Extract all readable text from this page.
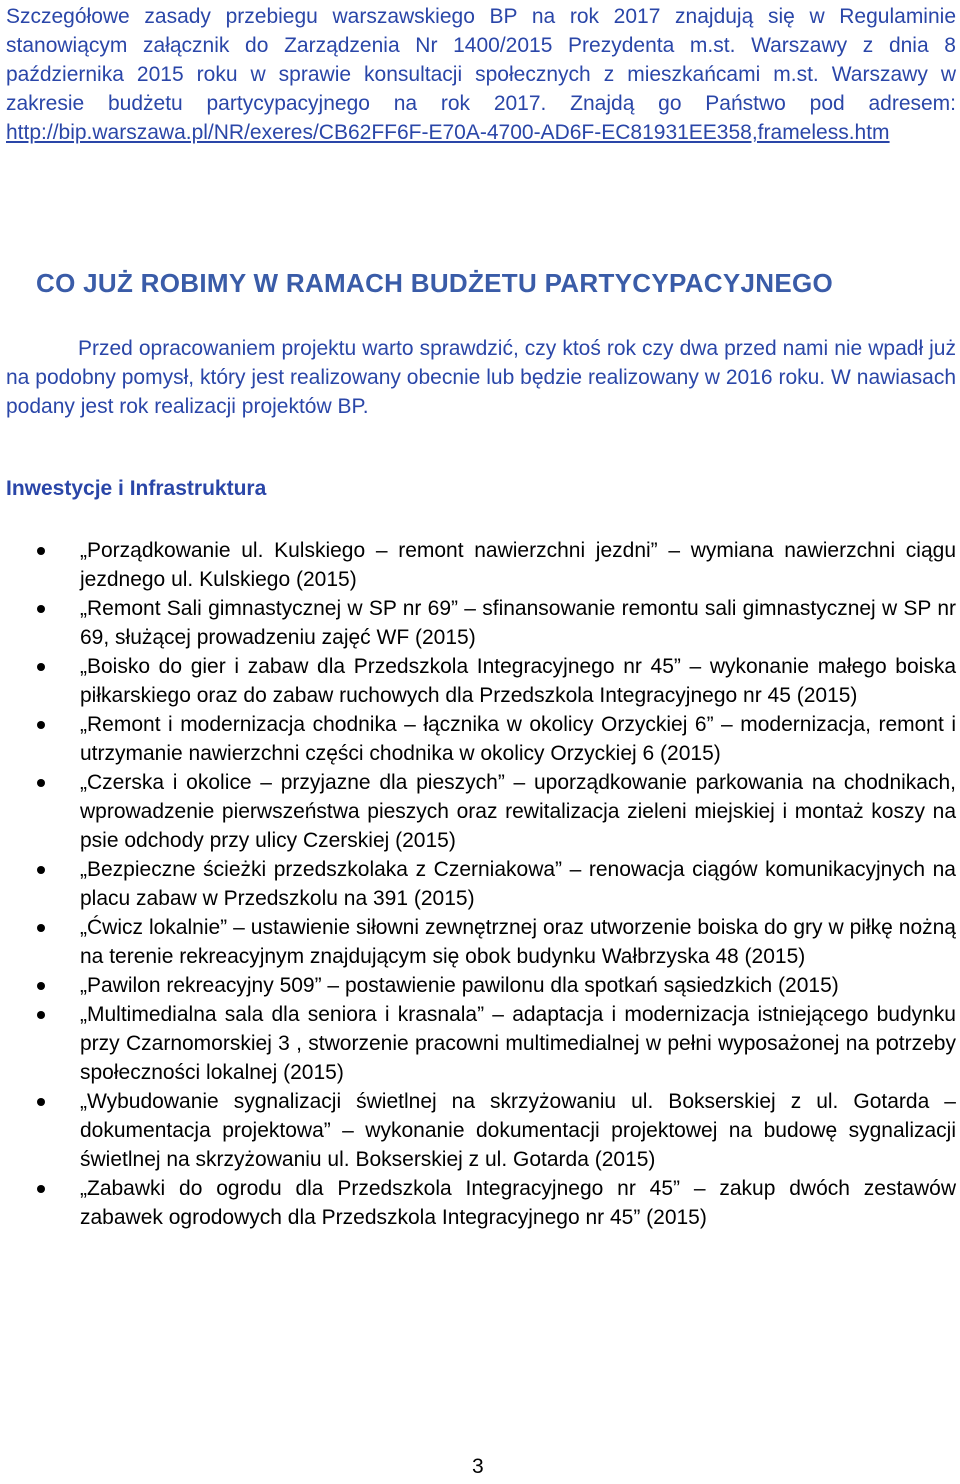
Szczegółowe zasady przebiegu warszawskiego BP na rok 2017 znajdują się w Regulaminie stanowiącym załącznik do Zarządzenia Nr 1400/2015 Prezydenta m.st. Warszawy z dnia 8 października 2015 roku w sprawie konsultacji społecznych z mieszkańcami m.st. Warszawy w zakresie budżetu partycypacyjnego na rok 2017. Znajdą go Państwo pod adresem: http://bip.warszawa.pl/NR/exeres/CB62FF6F-E70A-4700-AD6F-EC81931EE358,frameless.htm

CO JUŻ ROBIMY W RAMACH BUDŻETU PARTYCYPACYJNEGO

Przed opracowaniem projektu warto sprawdzić, czy ktoś rok czy dwa przed nami nie wpadł już na podobny pomysł, który jest realizowany obecnie lub będzie realizowany w 2016 roku. W nawiasach podany jest rok realizacji projektów BP.

Inwestycje i Infrastruktura
„Porządkowanie ul. Kulskiego – remont nawierzchni jezdni” – wymiana nawierzchni ciągu jezdnego ul. Kulskiego (2015)
„Remont Sali gimnastycznej w SP nr 69” – sfinansowanie remontu sali gimnastycznej w SP nr 69, służącej prowadzeniu zajęć WF (2015)
„Boisko do gier i zabaw dla Przedszkola Integracyjnego nr 45” – wykonanie małego boiska piłkarskiego oraz do zabaw ruchowych dla Przedszkola Integracyjnego nr 45 (2015)
„Remont i modernizacja chodnika – łącznika w okolicy Orzyckiej 6” – modernizacja, remont i utrzymanie nawierzchni części chodnika w okolicy Orzyckiej 6 (2015)
„Czerska i okolice – przyjazne dla pieszych” – uporządkowanie parkowania na chodnikach, wprowadzenie pierwszeństwa pieszych oraz rewitalizacja zieleni miejskiej i montaż koszy na psie odchody przy ulicy Czerskiej (2015)
„Bezpieczne ścieżki przedszkolaka z Czerniakowa” – renowacja ciągów komunikacyjnych na placu zabaw w Przedszkolu na 391 (2015)
„Ćwicz lokalnie” – ustawienie siłowni zewnętrznej oraz utworzenie boiska do gry w piłkę nożną na terenie rekreacyjnym znajdującym się obok budynku Wałbrzyska 48 (2015)
„Pawilon rekreacyjny 509” – postawienie pawilonu dla spotkań sąsiedzkich (2015)
„Multimedialna sala dla seniora i krasnala” – adaptacja i modernizacja istniejącego budynku przy Czarnomorskiej 3 , stworzenie pracowni multimedialnej w pełni wyposażonej na potrzeby społeczności lokalnej (2015)
„Wybudowanie sygnalizacji świetlnej na skrzyżowaniu ul. Bokserskiej z ul. Gotarda – dokumentacja projektowa” – wykonanie dokumentacji projektowej na budowę sygnalizacji świetlnej na skrzyżowaniu ul. Bokserskiej z ul. Gotarda (2015)
„Zabawki do ogrodu dla Przedszkola Integracyjnego nr 45” – zakup dwóch zestawów zabawek ogrodowych dla Przedszkola Integracyjnego nr 45” (2015)

3
